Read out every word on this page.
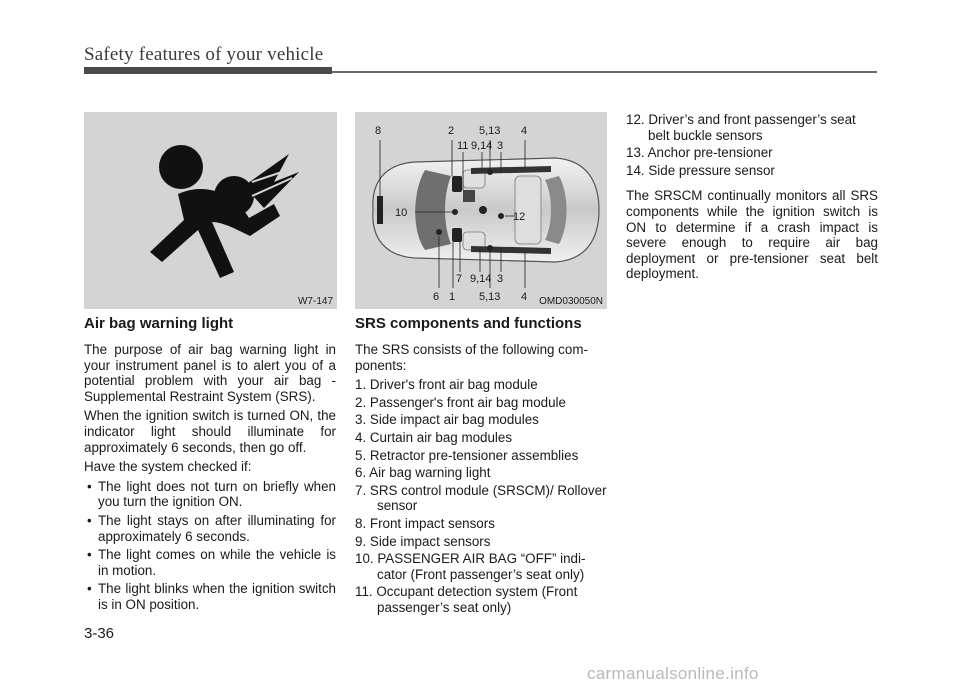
Safety features of your vehicle
W7-147
8	2 5,13 4
11 9,14 3
10	12
7 9,14 3
6 1 5,13 4 OMD030050N
Air bag warning light

The purpose of air bag warning light in your instrument panel is to alert you of a potential problem with your air bag - Supplemental Restraint System (SRS).

When the ignition switch is turned ON, the indicator light should illuminate for approximately 6 seconds, then go off.

Have the system checked if:

• The light does not turn on briefly when you turn the ignition ON.
• The light stays on after illuminating for approximately 6 seconds.
• The light comes on while the vehicle is in motion.
• The light blinks when the ignition switch is in ON position.
SRS components and functions

The SRS consists of the following com-ponents:

1. Driver's front air bag module
2. Passenger's front air bag module
3. Side impact air bag modules
4. Curtain air bag modules
5. Retractor pre-tensioner assemblies
6. Air bag warning light
7. SRS control module (SRSCM)/ Rollover sensor
8. Front impact sensors
9. Side impact sensors
10. PASSENGER AIR BAG “OFF” indi-cator (Front passenger’s seat only)
11. Occupant detection system (Front passenger’s seat only)
12. Driver’s and front passenger’s seat belt buckle sensors
13. Anchor pre-tensioner
14. Side pressure sensor

The SRSCM continually monitors all SRS components while the ignition switch is ON to determine if a crash impact is severe enough to require air bag deployment or pre-tensioner seat belt deployment.

3-36
carmanualsonline.info
